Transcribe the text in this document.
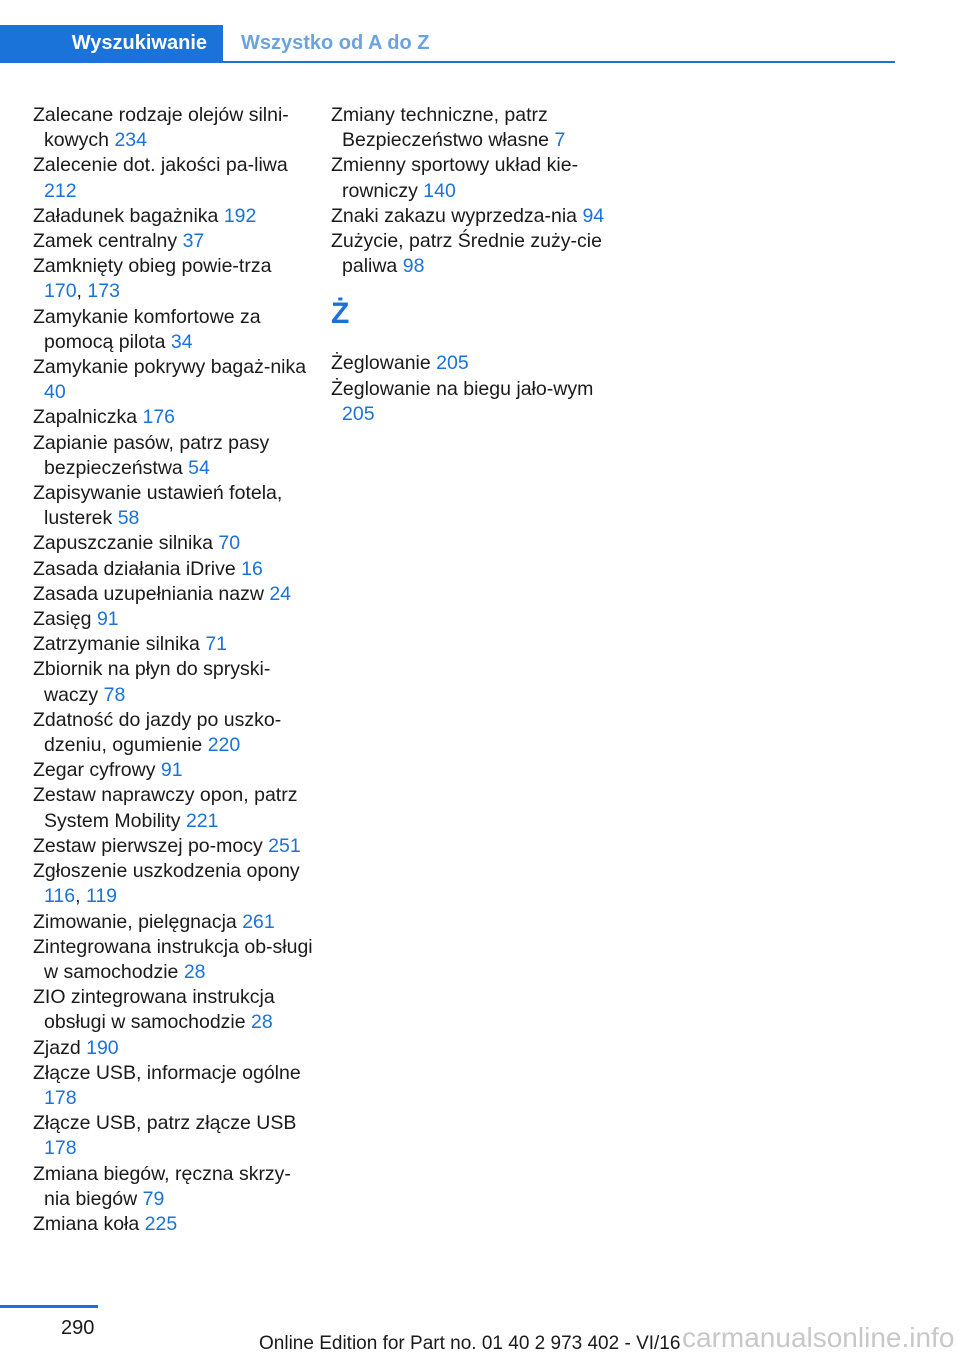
Wyszukiwanie	Wszystko od A do Z

Zalecane rodzaje olejów silni-kowych 234

Zalecenie dot. jakości pa-liwa 212

Załadunek bagażnika 192

Zamek centralny 37

Zamknięty obieg powie-trza 170, 173

Zamykanie komfortowe za pomocą pilota 34

Zamykanie pokrywy bagaż-nika 40

Zapalniczka 176

Zapianie pasów, patrz pasy bezpieczeństwa 54

Zapisywanie ustawień fotela, lusterek 58

Zapuszczanie silnika 70

Zasada działania iDrive 16

Zasada uzupełniania nazw 24

Zasięg 91

Zatrzymanie silnika 71

Zbiornik na płyn do spryski-waczy 78

Zdatność do jazdy po uszko-dzeniu, ogumienie 220

Zegar cyfrowy 91

Zestaw naprawczy opon, patrz System Mobility 221

Zestaw pierwszej po-mocy 251

Zgłoszenie uszkodzenia opony 116, 119

Zimowanie, pielęgnacja 261

Zintegrowana instrukcja ob-sługi w samochodzie 28

ZIO zintegrowana instrukcja obsługi w samochodzie 28

Zjazd 190

Złącze USB, informacje ogólne 178

Złącze USB, patrz złącze USB 178

Zmiana biegów, ręczna skrzy-nia biegów 79

Zmiana koła 225

Zmiany techniczne, patrz Bezpieczeństwo własne 7

Zmienny sportowy układ kie-rowniczy 140

Znaki zakazu wyprzedza-nia 94

Zużycie, patrz Średnie zuży-cie paliwa 98

Ż

Żeglowanie 205

Żeglowanie na biegu jało-wym 205

290
Online Edition for Part no. 01 40 2 973 402 - VI/16 carmanualsonline.info
